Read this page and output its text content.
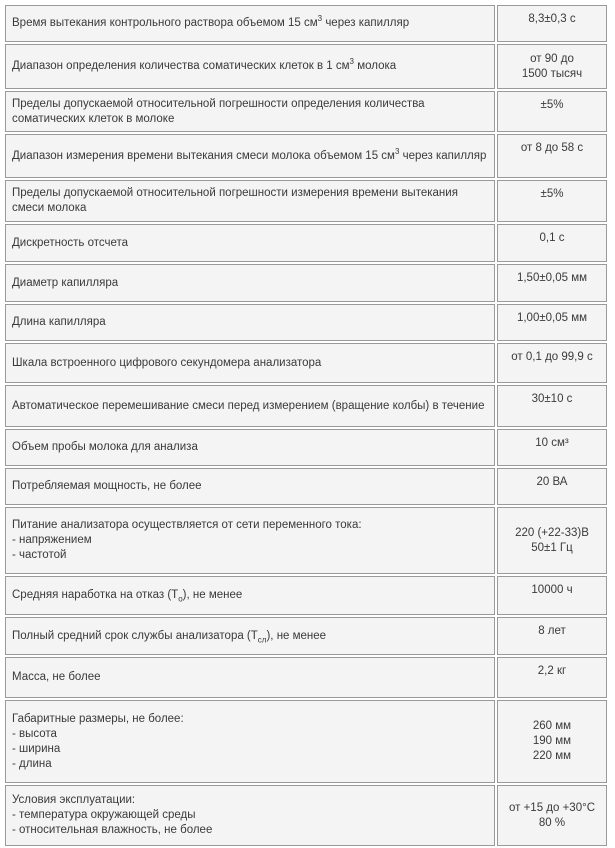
Время вытекания контрольного раствора объемом 15 $см^3$ через капилляр	8,3±0,3 с

Диапазон определения количества соматических клеток в 1 $см^3$ молока	от 90 до
1500 тысяч

Пределы допускаемой относительной погрешности определения количества соматических клеток в молоке	±5%

Диапазон измерения времени вытекания смеси молока объемом 15 $см^3$ через капилляр	от 8 до 58 с

Пределы допускаемой относительной погрешности измерения времени вытекания смеси молока	±5%

Дискретность отсчета	0,1 с

Диаметр капилляра	1,50±0,05 мм

Длина капилляра	1,00±0,05 мм

Шкала встроенного цифрового секундомера анализатора	от 0,1 до 99,9 с

Автоматическое перемешивание смеси перед измерением (вращение колбы) в течение	30±10 с

Объем пробы молока для анализа	10 см³

Потребляемая мощность, не более	20 ВА

Питание анализатора осуществляется от сети переменного тока:
- напряжением
- частотой	220 (+22-33)В
50±1 Гц

Средняя наработка на отказ $(Т_о)$, не менее	10000 ч

Полный средний срок службы анализатора $(Т_{сл})$, не менее	8 лет

Масса, не более	2,2 кг

Габаритные размеры, не более:
- высота
- ширина
- длина	260 мм
190 мм
220 мм

Условия эксплуатации:
- температура окружающей среды
- относительная влажность, не более	от +15 до +30°С
80 %
